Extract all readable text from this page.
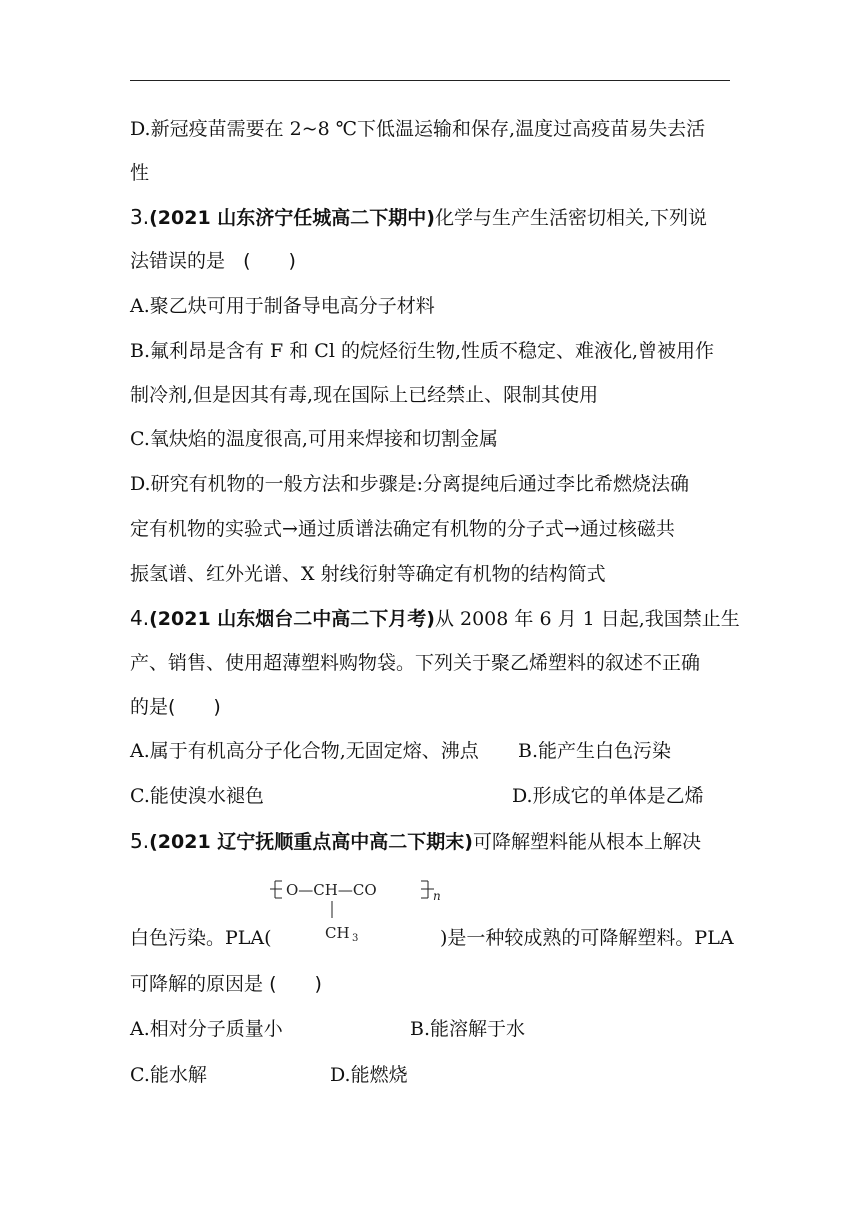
D.新冠疫苗需要在 2~8 ℃下低温运输和保存,温度过高疫苗易失去活
性
3.(2021 山东济宁任城高二下期中)化学与生产生活密切相关,下列说
法错误的是 (　　)
A.聚乙炔可用于制备导电高分子材料
B.氟利昂是含有 F 和 Cl 的烷烃衍生物,性质不稳定、难液化,曾被用作
制冷剂,但是因其有毒,现在国际上已经禁止、限制其使用
C.氧炔焰的温度很高,可用来焊接和切割金属
D.研究有机物的一般方法和步骤是:分离提纯后通过李比希燃烧法确
定有机物的实验式→通过质谱法确定有机物的分子式→通过核磁共
振氢谱、红外光谱、X 射线衍射等确定有机物的结构简式
4.(2021 山东烟台二中高二下月考)从 2008 年 6 月 1 日起,我国禁止生
产、销售、使用超薄塑料购物袋。下列关于聚乙烯塑料的叙述不正确
的是(　　)
A.属于有机高分子化合物,无固定熔、沸点 B.能产生白色污染
C.能使溴水褪色	D.形成它的单体是乙烯
5.(2021 辽宁抚顺重点高中高二下期末)可降解塑料能从根本上解决
O—CH—CO	n
CH 3
白色污染。PLA(	)是一种较成熟的可降解塑料。PLA
可降解的原因是 (　　)
A.相对分子质量小	B.能溶解于水
C.能水解	D.能燃烧
